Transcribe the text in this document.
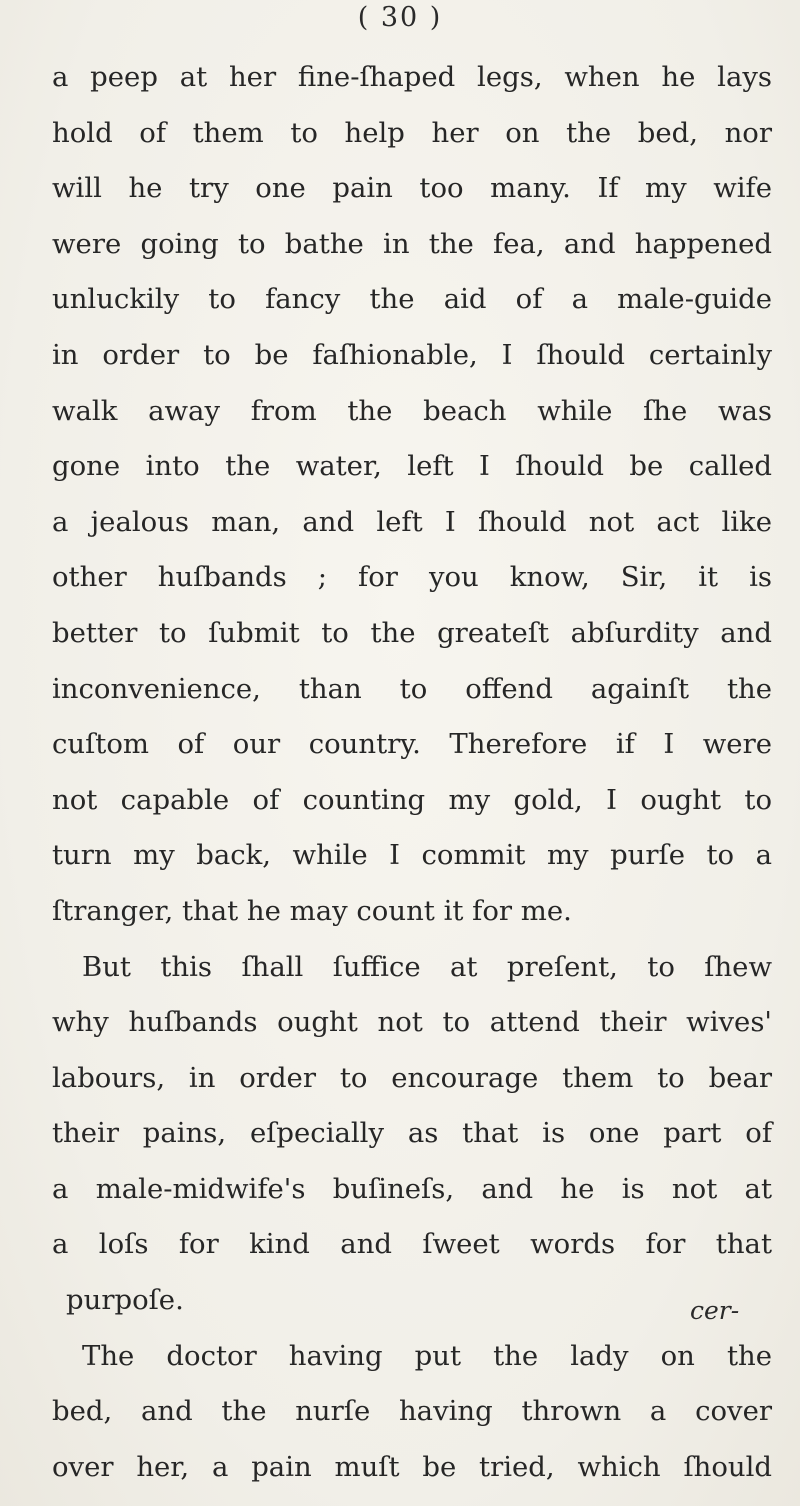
( 30 )
a peep at her fine-ſhaped legs, when he lays
hold of them to help her on the bed, nor
will he try one pain too many. If my wife
were going to bathe in the fea, and happened
unluckily to fancy the aid of a male-guide
in order to be faſhionable, I ſhould certainly
walk away from the beach while ſhe was
gone into the water, left I ſhould be called
a jealous man, and left I ſhould not act like
other huſbands ; for you know, Sir, it is
better to ſubmit to the greateſt abſurdity and
inconvenience, than to offend againſt the
cuſtom of our country. Therefore if I were
not capable of counting my gold, I ought to
turn my back, while I commit my purſe to a
ſtranger, that he may count it for me.
But this ſhall ſuffice at preſent, to ſhew
why huſbands ought not to attend their wives'
labours, in order to encourage them to bear
their pains, eſpecially as that is one part of
a male-midwife's buſineſs, and he is not at
a loſs for kind and ſweet words for that
purpoſe.
The doctor having put the lady on the
bed, and the nurſe having thrown a cover
over her, a pain muſt be tried, which ſhould
cer-
